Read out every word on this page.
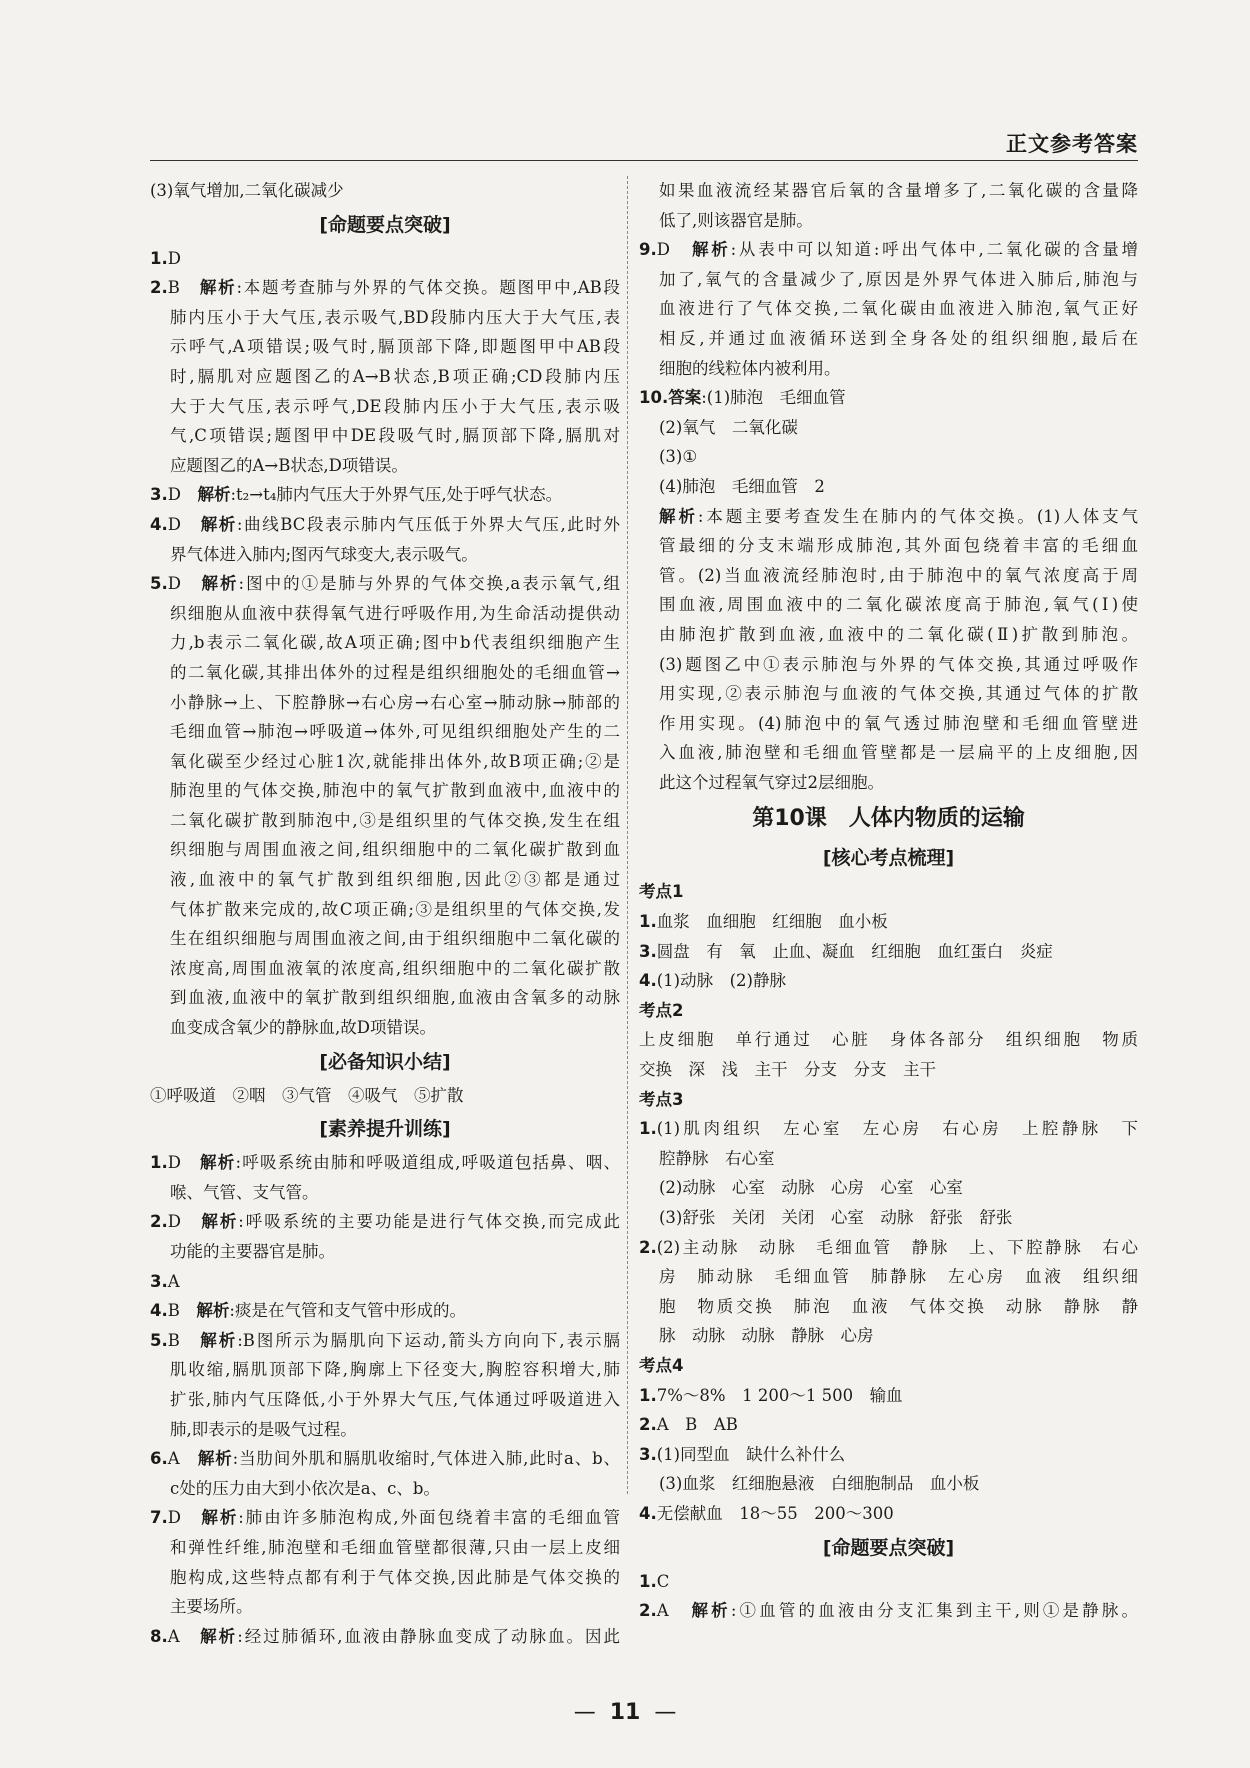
正文参考答案
(3)氧气增加,二氧化碳减少
[命题要点突破]
1.D
2.B　解析:本题考查肺与外界的气体交换。题图甲中,AB段
肺内压小于大气压,表示吸气,BD段肺内压大于大气压,表
示呼气,A项错误;吸气时,膈顶部下降,即题图甲中AB段
时,膈肌对应题图乙的A→B状态,B项正确;CD段肺内压
大于大气压,表示呼气,DE段肺内压小于大气压,表示吸
气,C项错误;题图甲中DE段吸气时,膈顶部下降,膈肌对
应题图乙的A→B状态,D项错误。
3.D　解析:t₂→t₄肺内气压大于外界气压,处于呼气状态。
4.D　解析:曲线BC段表示肺内气压低于外界大气压,此时外
界气体进入肺内;图丙气球变大,表示吸气。
5.D　解析:图中的①是肺与外界的气体交换,a表示氧气,组
织细胞从血液中获得氧气进行呼吸作用,为生命活动提供动
力,b表示二氧化碳,故A项正确;图中b代表组织细胞产生
的二氧化碳,其排出体外的过程是组织细胞处的毛细血管→
小静脉→上、下腔静脉→右心房→右心室→肺动脉→肺部的
毛细血管→肺泡→呼吸道→体外,可见组织细胞处产生的二
氧化碳至少经过心脏1次,就能排出体外,故B项正确;②是
肺泡里的气体交换,肺泡中的氧气扩散到血液中,血液中的
二氧化碳扩散到肺泡中,③是组织里的气体交换,发生在组
织细胞与周围血液之间,组织细胞中的二氧化碳扩散到血
液,血液中的氧气扩散到组织细胞,因此②③都是通过
气体扩散来完成的,故C项正确;③是组织里的气体交换,发
生在组织细胞与周围血液之间,由于组织细胞中二氧化碳的
浓度高,周围血液氧的浓度高,组织细胞中的二氧化碳扩散
到血液,血液中的氧扩散到组织细胞,血液由含氧多的动脉
血变成含氧少的静脉血,故D项错误。
[必备知识小结]
①呼吸道　②咽　③气管　④吸气　⑤扩散
[素养提升训练]
1.D　解析:呼吸系统由肺和呼吸道组成,呼吸道包括鼻、咽、
喉、气管、支气管。
2.D　解析:呼吸系统的主要功能是进行气体交换,而完成此
功能的主要器官是肺。
3.A
4.B　解析:痰是在气管和支气管中形成的。
5.B　解析:B图所示为膈肌向下运动,箭头方向向下,表示膈
肌收缩,膈肌顶部下降,胸廓上下径变大,胸腔容积增大,肺
扩张,肺内气压降低,小于外界大气压,气体通过呼吸道进入
肺,即表示的是吸气过程。
6.A　解析:当肋间外肌和膈肌收缩时,气体进入肺,此时a、b、
c处的压力由大到小依次是a、c、b。
7.D　解析:肺由许多肺泡构成,外面包绕着丰富的毛细血管
和弹性纤维,肺泡壁和毛细血管壁都很薄,只由一层上皮细
胞构成,这些特点都有利于气体交换,因此肺是气体交换的
主要场所。
8.A　解析:经过肺循环,血液由静脉血变成了动脉血。因此
如果血液流经某器官后氧的含量增多了,二氧化碳的含量降
低了,则该器官是肺。
9.D　解析:从表中可以知道:呼出气体中,二氧化碳的含量增
加了,氧气的含量减少了,原因是外界气体进入肺后,肺泡与
血液进行了气体交换,二氧化碳由血液进入肺泡,氧气正好
相反,并通过血液循环送到全身各处的组织细胞,最后在
细胞的线粒体内被利用。
10.答案:(1)肺泡　毛细血管
(2)氧气　二氧化碳
(3)①
(4)肺泡　毛细血管　2
解析:本题主要考查发生在肺内的气体交换。(1)人体支气
管最细的分支末端形成肺泡,其外面包绕着丰富的毛细血
管。(2)当血液流经肺泡时,由于肺泡中的氧气浓度高于周
围血液,周围血液中的二氧化碳浓度高于肺泡,氧气(Ⅰ)使
由肺泡扩散到血液,血液中的二氧化碳(Ⅱ)扩散到肺泡。
(3)题图乙中①表示肺泡与外界的气体交换,其通过呼吸作
用实现,②表示肺泡与血液的气体交换,其通过气体的扩散
作用实现。(4)肺泡中的氧气透过肺泡壁和毛细血管壁进
入血液,肺泡壁和毛细血管壁都是一层扁平的上皮细胞,因
此这个过程氧气穿过2层细胞。
第10课　人体内物质的运输
[核心考点梳理]
考点1
1.血浆　血细胞　红细胞　血小板
3.圆盘　有　氧　止血、凝血　红细胞　血红蛋白　炎症
4.(1)动脉　(2)静脉
考点2
上皮细胞　单行通过　心脏　身体各部分　组织细胞　物质
交换　深　浅　主干　分支　分支　主干
考点3
1.(1)肌肉组织　左心室　左心房　右心房　上腔静脉　下
腔静脉　右心室
(2)动脉　心室　动脉　心房　心室　心室
(3)舒张　关闭　关闭　心室　动脉　舒张　舒张
2.(2)主动脉　动脉　毛细血管　静脉　上、下腔静脉　右心
房　肺动脉　毛细血管　肺静脉　左心房　血液　组织细
胞　物质交换　肺泡　血液　气体交换　动脉　静脉　静
脉　动脉　动脉　静脉　心房
考点4
1.7%～8%　1 200～1 500　输血
2.A　B　AB
3.(1)同型血　缺什么补什么
(3)血浆　红细胞悬液　白细胞制品　血小板
4.无偿献血　18～55　200～300
[命题要点突破]
1.C
2.A　解析:①血管的血液由分支汇集到主干,则①是静脉。
— 11 —
